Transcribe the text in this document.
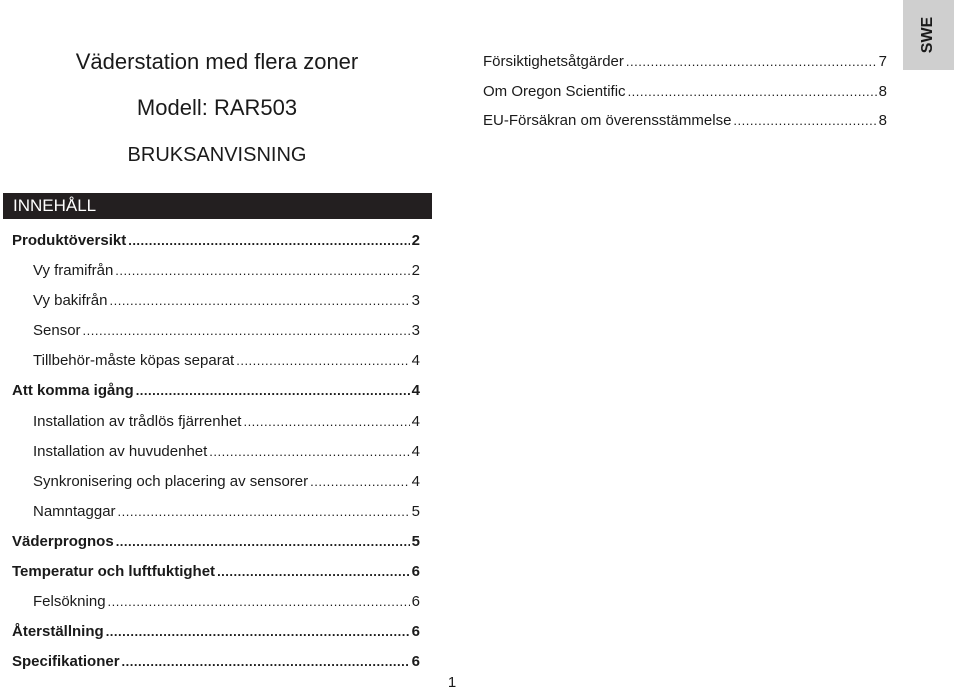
Väderstation med flera zoner
Modell: RAR503
BRUKSANVISNING
SWE
INNEHÅLL
Produktöversikt .....	2
Vy framifrån .....	2
Vy bakifrån .....	3
Sensor .....	3
Tillbehör-måste köpas separat .....	4
Att komma igång .....	4
Installation av trådlös fjärrenhet .....	4
Installation av huvudenhet .....	4
Synkronisering och placering av sensorer .....	4
Namntaggar .....	5
Väderprognos .....	5
Temperatur och luftfuktighet .....	6
Felsökning .....	6
Återställning .....	6
Specifikationer .....	6
Försiktighetsåtgärder .....	7
Om Oregon Scientific .....	8
EU-Försäkran om överensstämmelse .....	8
1
